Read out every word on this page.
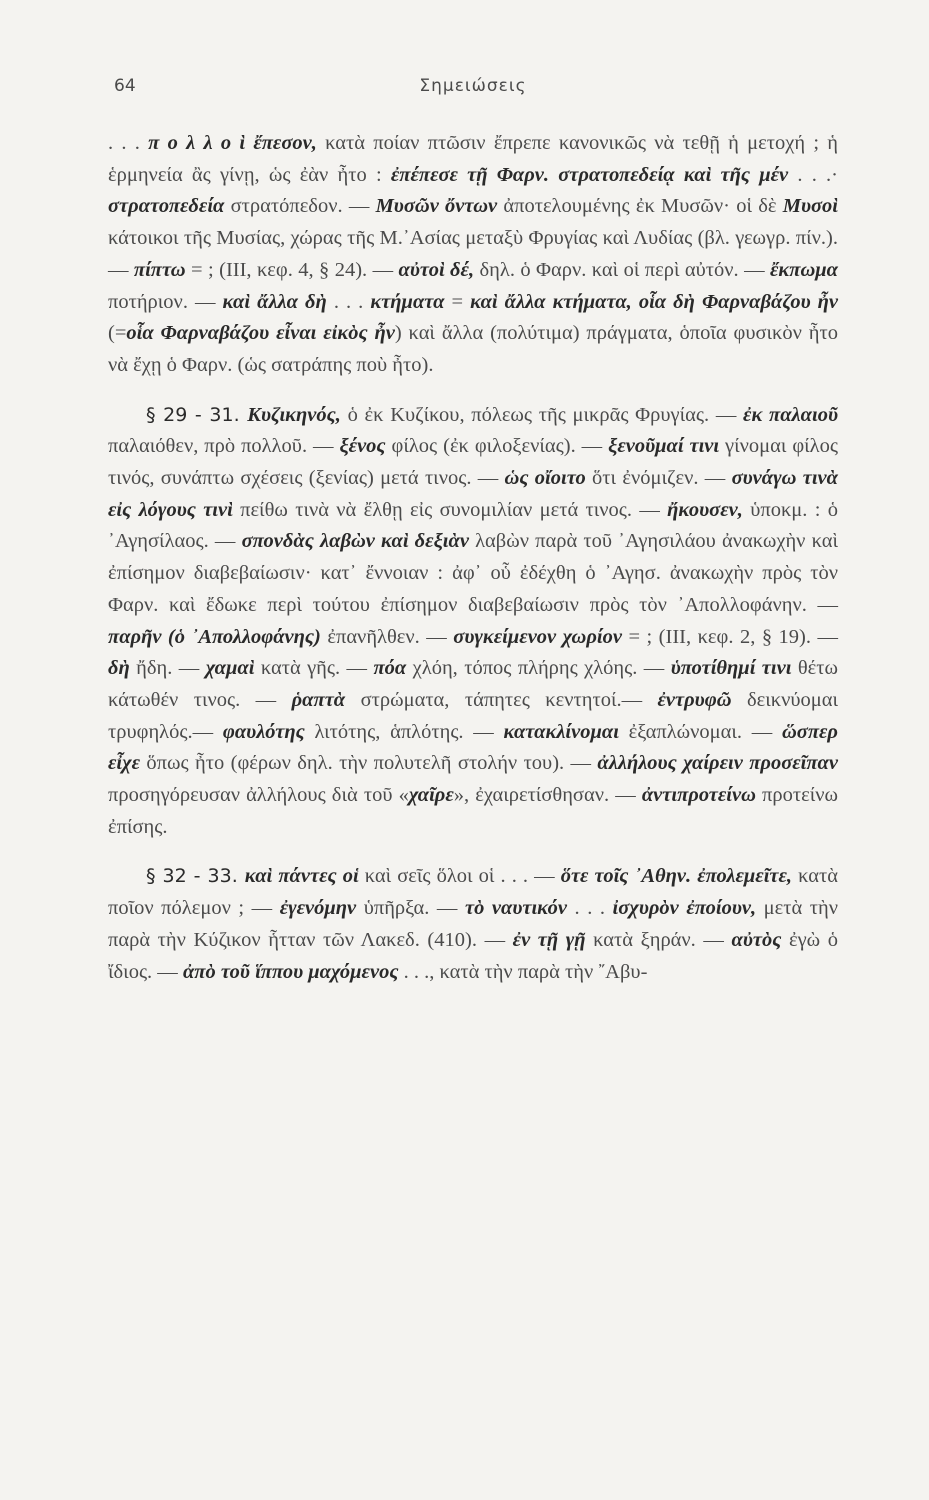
64	Σημειώσεις

. . . π ο λ λ ο ὶ ἔπεσον, κατὰ ποίαν πτῶσιν ἔπρεπε κανονικῶς νὰ τεθῇ ἡ μετοχή ; ἡ ἑρμηνεία ἂς γίνῃ, ὡς ἐὰν ἦτο : ἐπέπεσε τῇ Φαρν. στρατοπεδείᾳ καὶ τῆς μέν . . .· στρατοπεδεία στρατόπεδον. — Μυσῶν ὄντων ἀποτελουμένης ἐκ Μυσῶν· οἱ δὲ Μυσοὶ κάτοικοι τῆς Μυσίας, χώρας τῆς Μ.᾿Ασίας μεταξὺ Φρυγίας καὶ Λυδίας (βλ. γεωγρ. πίν.). — πίπτω = ; (ΙΙΙ, κεφ. 4, § 24). — αὐτοὶ δέ, δηλ. ὁ Φαρν. καὶ οἱ περὶ αὐτόν. — ἔκπωμα ποτήριον. — καὶ ἄλλα δὴ . . . κτήματα = καὶ ἄλλα κτήματα, οἷα δὴ Φαρναβάζου ἦν (=οἷα Φαρναβάζου εἶναι εἰκὸς ἦν) καὶ ἄλλα (πολύτιμα) πράγματα, ὁποῖα φυσικὸν ἦτο νὰ ἔχῃ ὁ Φαρν. (ὡς σατράπης ποὺ ἦτο).

§ 29 - 31. Κυζικηνός, ὁ ἐκ Κυζίκου, πόλεως τῆς μικρᾶς Φρυγίας. — ἐκ παλαιοῦ παλαιόθεν, πρὸ πολλοῦ. — ξένος φίλος (ἐκ φιλοξενίας). — ξενοῦμαί τινι γίνομαι φίλος τινός, συνάπτω σχέσεις (ξενίας) μετά τινος. — ὡς οἴοιτο ὅτι ἐνόμιζεν. — συνάγω τινὰ εἰς λόγους τινὶ πείθω τινὰ νὰ ἔλθῃ εἰς συνομιλίαν μετά τινος. — ἤκουσεν, ὑποκμ. : ὁ ᾿Αγησίλαος. — σπονδὰς λαβὼν καὶ δεξιὰν λαβὼν παρὰ τοῦ ᾿Αγησιλάου ἀνακωχὴν καὶ ἐπίσημον διαβεβαίωσιν· κατ᾿ ἔννοιαν : ἀφ᾿ οὗ ἐδέχθη ὁ ᾿Αγησ. ἀνακωχὴν πρὸς τὸν Φαρν. καὶ ἔδωκε περὶ τούτου ἐπίσημον διαβεβαίωσιν πρὸς τὸν ᾿Απολλοφάνην. — παρῆν (ὁ ᾿Απολλοφάνης) ἐπανῆλθεν. — συγκείμενον χωρίον = ; (ΙΙΙ, κεφ. 2, § 19). — δὴ ἤδη. — χαμαὶ κατὰ γῆς. — πόα χλόη, τόπος πλήρης χλόης. — ὑποτίθημί τινι θέτω κάτωθέν τινος. — ῥαπτὰ στρώματα, τάπητες κεντητοί.— ἐντρυφῶ δεικνύομαι τρυφηλός.— φαυλότης λιτότης, ἁπλότης. — κατακλίνομαι ἐξαπλώνομαι. — ὥσπερ εἶχε ὅπως ἦτο (φέρων δηλ. τὴν πολυτελῆ στολήν του). — ἀλλήλους χαίρειν προσεῖπαν προσηγόρευσαν ἀλλήλους διὰ τοῦ «χαῖρε», ἐχαιρετίσθησαν. — ἀντιπροτείνω προτείνω ἐπίσης.

§ 32 - 33. καὶ πάντες οἱ καὶ σεῖς ὅλοι οἱ . . . — ὅτε τοῖς ᾿Αθην. ἐπολεμεῖτε, κατὰ ποῖον πόλεμον ; — ἐγενόμην ὑπῆρξα. — τὸ ναυτικόν . . . ἰσχυρὸν ἐποίουν, μετὰ τὴν παρὰ τὴν Κύζικον ἧτταν τῶν Λακεδ. (410). — ἐν τῇ γῇ κατὰ ξηράν. — αὐτὸς ἐγὼ ὁ ἴδιος. — ἀπὸ τοῦ ἵππου μαχόμενος . . ., κατὰ τὴν παρὰ τὴν ῎Αβυ-
